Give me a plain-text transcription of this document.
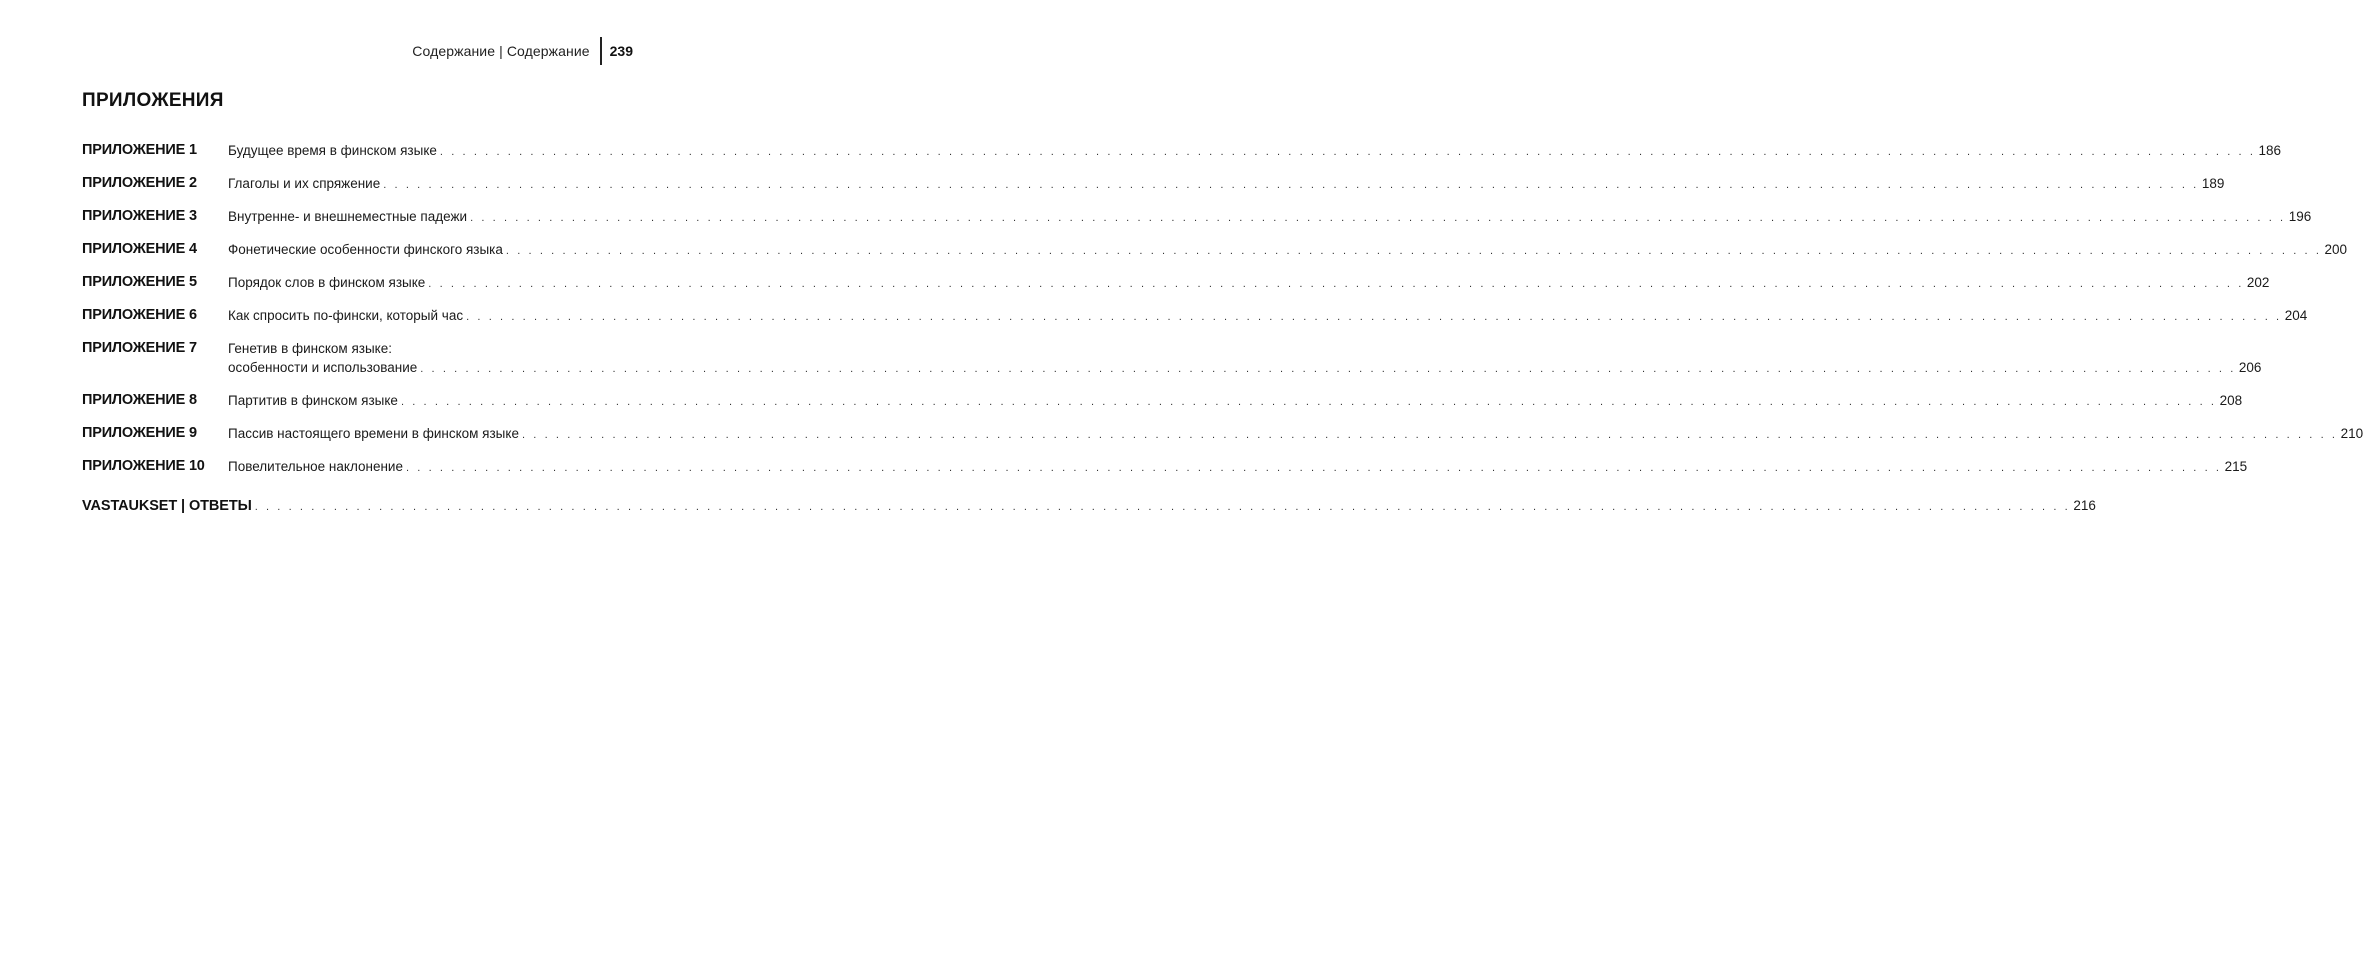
Содержание | Содержание	239
ПРИЛОЖЕНИЯ
ПРИЛОЖЕНИЕ 1	Будущее время в финском языке . . .	186
ПРИЛОЖЕНИЕ 2	Глаголы и их спряжение . . .	189
ПРИЛОЖЕНИЕ 3	Внутренне- и внешнеместные падежи . . .	196
ПРИЛОЖЕНИЕ 4	Фонетические особенности финского языка . . .	200
ПРИЛОЖЕНИЕ 5	Порядок слов в финском языке . . .	202
ПРИЛОЖЕНИЕ 6	Как спросить по-фински, который час . . .	204
ПРИЛОЖЕНИЕ 7	Генетив в финском языке:
особенности и использование . . .	206
ПРИЛОЖЕНИЕ 8	Партитив в финском языке . . .	208
ПРИЛОЖЕНИЕ 9	Пассив настоящего времени в финском языке . . .	210
ПРИЛОЖЕНИЕ 10	Повелительное наклонение . . .	215
VASTAUKSET | ОТВЕТЫ . . .	216
